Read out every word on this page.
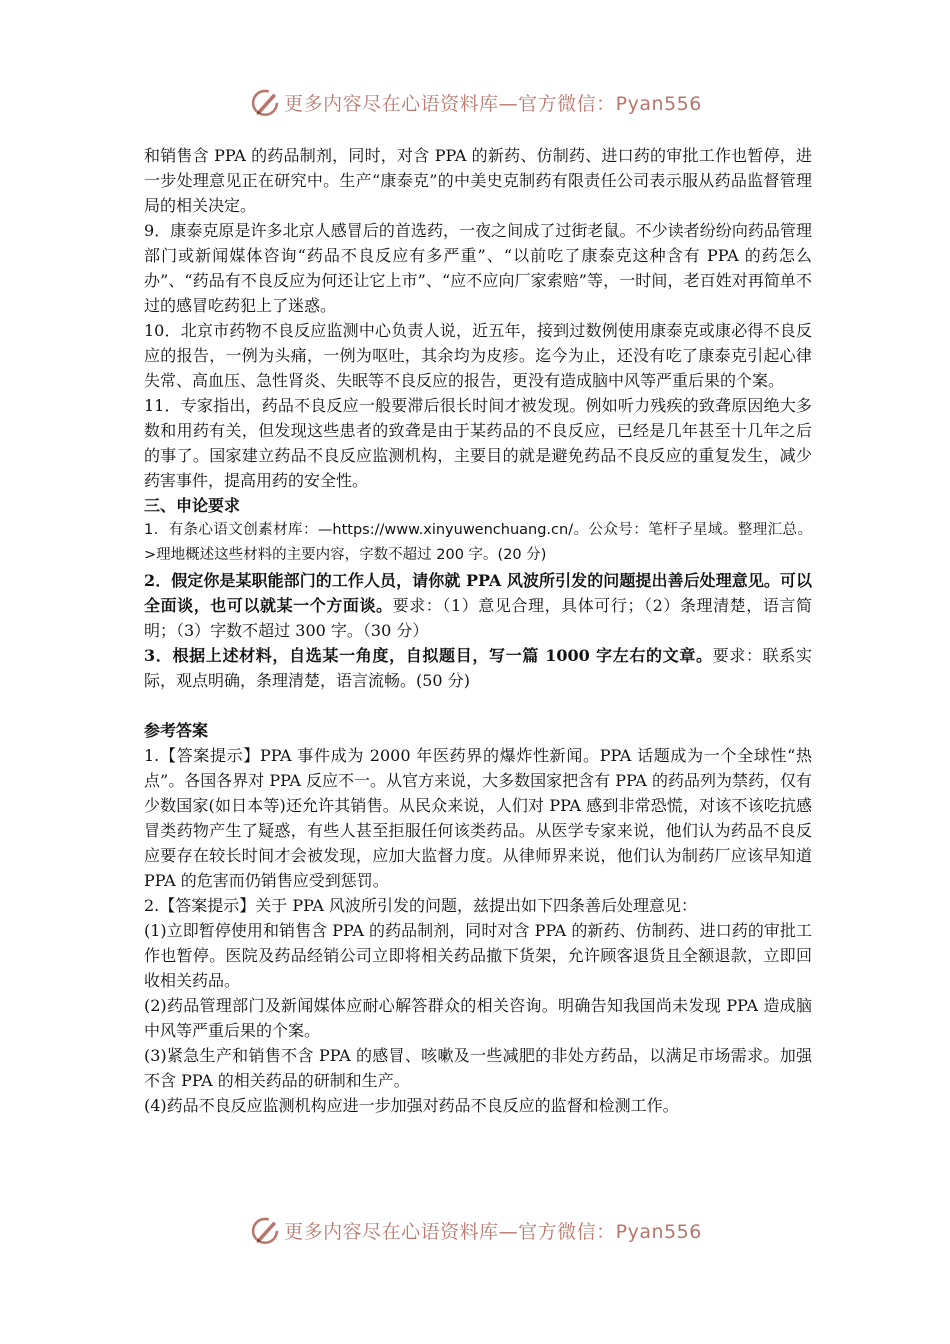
更多内容尽在心语资料库—官方微信：Pyan556

和销售含 PPA 的药品制剂，同时，对含 PPA 的新药、仿制药、进口药的审批工作也暂停，进一步处理意见正在研究中。生产“康泰克”的中美史克制药有限责任公司表示服从药品监督管理局的相关决定。

9．康泰克原是许多北京人感冒后的首选药，一夜之间成了过街老鼠。不少读者纷纷向药品管理部门或新闻媒体咨询“药品不良反应有多严重”、“以前吃了康泰克这种含有 PPA 的药怎么办”、“药品有不良反应为何还让它上市”、“应不应向厂家索赔”等，一时间，老百姓对再简单不过的感冒吃药犯上了迷惑。

10．北京市药物不良反应监测中心负责人说，近五年，接到过数例使用康泰克或康必得不良反应的报告，一例为头痛，一例为呕吐，其余均为皮疹。迄今为止，还没有吃了康泰克引起心律失常、高血压、急性肾炎、失眠等不良反应的报告，更没有造成脑中风等严重后果的个案。

11．专家指出，药品不良反应一般要滞后很长时间才被发现。例如听力残疾的致聋原因绝大多数和用药有关，但发现这些患者的致聋是由于某药品的不良反应，已经是几年甚至十几年之后的事了。国家建立药品不良反应监测机构，主要目的就是避免药品不良反应的重复发生，减少药害事件，提高用药的安全性。

三、申论要求

1．有条心语文创素材库：—https://www.xinyuwenchuang.cn/。公众号：笔杆子星域。整理汇总。>理地概述这些材料的主要内容，字数不超过 200 字。(20 分)

2．假定你是某职能部门的工作人员，请你就 PPA 风波所引发的问题提出善后处理意见。可以全面谈，也可以就某一个方面谈。要求：（1）意见合理，具体可行；（2）条理清楚，语言简明；（3）字数不超过 300 字。（30 分）

3．根据上述材料，自选某一角度，自拟题目，写一篇 1000 字左右的文章。要求：联系实际，观点明确，条理清楚，语言流畅。(50 分)

参考答案

1.【答案提示】PPA 事件成为 2000 年医药界的爆炸性新闻。PPA 话题成为一个全球性“热点”。各国各界对 PPA 反应不一。从官方来说，大多数国家把含有 PPA 的药品列为禁药，仅有少数国家(如日本等)还允许其销售。从民众来说，人们对 PPA 感到非常恐慌，对该不该吃抗感冒类药物产生了疑惑，有些人甚至拒服任何该类药品。从医学专家来说，他们认为药品不良反应要存在较长时间才会被发现，应加大监督力度。从律师界来说，他们认为制药厂应该早知道 PPA 的危害而仍销售应受到惩罚。

2.【答案提示】关于 PPA 风波所引发的问题，兹提出如下四条善后处理意见：

(1)立即暂停使用和销售含 PPA 的药品制剂，同时对含 PPA 的新药、仿制药、进口药的审批工作也暂停。医院及药品经销公司立即将相关药品撤下货架，允许顾客退货且全额退款，立即回收相关药品。

(2)药品管理部门及新闻媒体应耐心解答群众的相关咨询。明确告知我国尚未发现 PPA 造成脑中风等严重后果的个案。

(3)紧急生产和销售不含 PPA 的感冒、咳嗽及一些减肥的非处方药品，以满足市场需求。加强不含 PPA 的相关药品的研制和生产。

(4)药品不良反应监测机构应进一步加强对药品不良反应的监督和检测工作。

更多内容尽在心语资料库—官方微信：Pyan556
